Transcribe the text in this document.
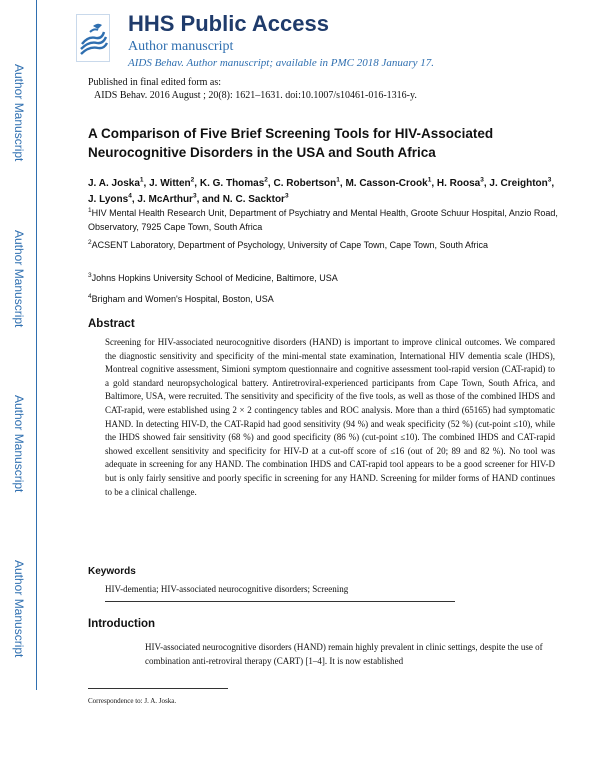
Author Manuscript
Author Manuscript
Author Manuscript
Author Manuscript
HHS Public Access
Author manuscript
AIDS Behav. Author manuscript; available in PMC 2018 January 17.
Published in final edited form as:
AIDS Behav. 2016 August ; 20(8): 1621–1631. doi:10.1007/s10461-016-1316-y.
A Comparison of Five Brief Screening Tools for HIV-Associated Neurocognitive Disorders in the USA and South Africa
J. A. Joska$^1$, J. Witten$^2$, K. G. Thomas$^2$, C. Robertson$^1$, M. Casson-Crook$^1$, H. Roosa$^3$, J. Creighton$^3$, J. Lyons$^4$, J. McArthur$^3$, and N. C. Sacktor$^3$
$^1$HIV Mental Health Research Unit, Department of Psychiatry and Mental Health, Groote Schuur Hospital, Anzio Road, Observatory, 7925 Cape Town, South Africa
$^2$ACSENT Laboratory, Department of Psychology, University of Cape Town, Cape Town, South Africa
$^3$Johns Hopkins University School of Medicine, Baltimore, USA
$^4$Brigham and Women's Hospital, Boston, USA
Abstract

Screening for HIV-associated neurocognitive disorders (HAND) is important to improve clinical outcomes. We compared the diagnostic sensitivity and specificity of the mini-mental state examination, International HIV dementia scale (IHDS), Montreal cognitive assessment, Simioni symptom questionnaire and cognitive assessment tool-rapid version (CAT-rapid) to a gold standard neuropsychological battery. Antiretroviral-experienced participants from Cape Town, South Africa, and Baltimore, USA, were recruited. The sensitivity and specificity of the five tools, as well as those of the combined IHDS and CAT-rapid, were established using 2 × 2 contingency tables and ROC analysis. More than a third (65165) had symptomatic HAND. In detecting HIV-D, the CAT-Rapid had good sensitivity (94 %) and weak specificity (52 %) (cut-point ≤10), while the IHDS showed fair sensitivity (68 %) and good specificity (86 %) (cut-point ≤10). The combined IHDS and CAT-rapid showed excellent sensitivity and specificity for HIV-D at a cut-off score of ≤16 (out of 20; 89 and 82 %). No tool was adequate in screening for any HAND. The combination IHDS and CAT-rapid tool appears to be a good screener for HIV-D but is only fairly sensitive and poorly specific in screening for any HAND. Screening for milder forms of HAND continues to be a clinical challenge.

Keywords
HIV-dementia; HIV-associated neurocognitive disorders; Screening
Introduction

HIV-associated neurocognitive disorders (HAND) remain highly prevalent in clinic settings, despite the use of combination anti-retroviral therapy (CART) [1–4]. It is now established

Correspondence to: J. A. Joska.
